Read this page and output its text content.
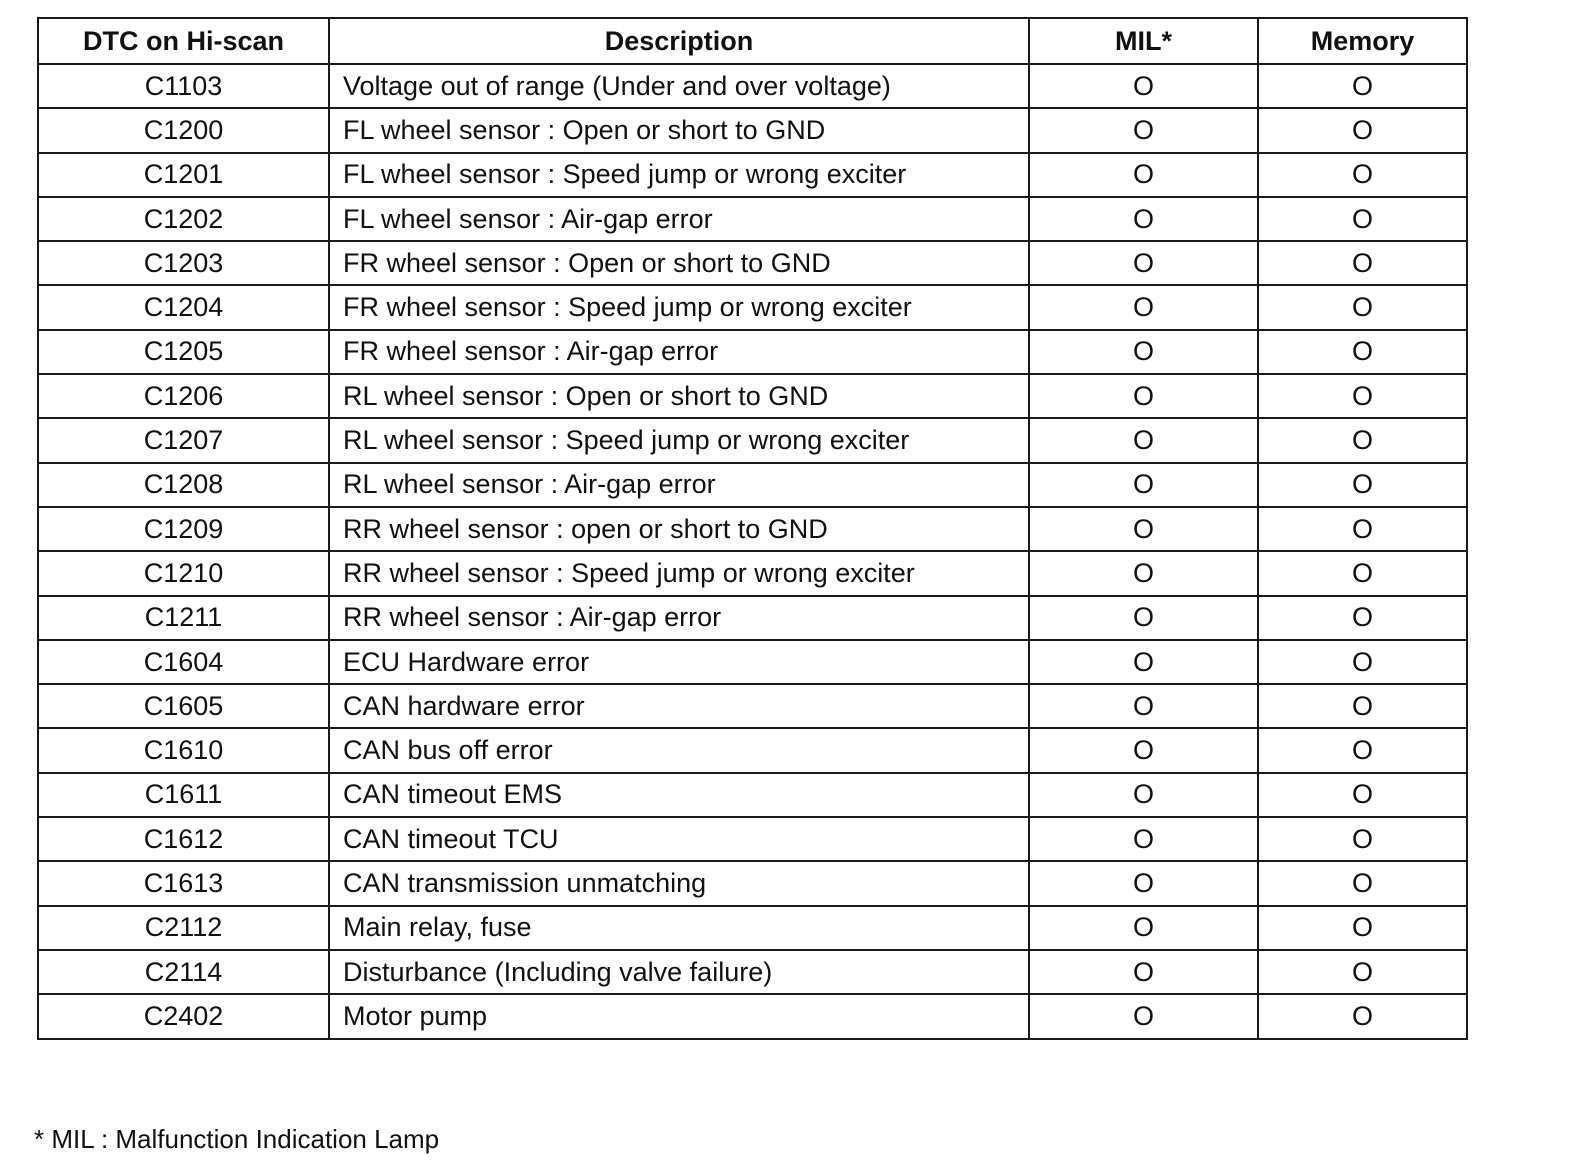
DTC on Hi-scan	Description	MIL*	Memory
C1103	Voltage out of range (Under and over voltage)	O	O
C1200	FL wheel sensor : Open or short to GND	O	O
C1201	FL wheel sensor : Speed jump or wrong exciter	O	O
C1202	FL wheel sensor : Air-gap error	O	O
C1203	FR wheel sensor : Open or short to GND	O	O
C1204	FR wheel sensor : Speed jump or wrong exciter	O	O
C1205	FR wheel sensor : Air-gap error	O	O
C1206	RL wheel sensor : Open or short to GND	O	O
C1207	RL wheel sensor : Speed jump or wrong exciter	O	O
C1208	RL wheel sensor : Air-gap error	O	O
C1209	RR wheel sensor : open or short to GND	O	O
C1210	RR wheel sensor : Speed jump or wrong exciter	O	O
C1211	RR wheel sensor : Air-gap error	O	O
C1604	ECU Hardware error	O	O
C1605	CAN hardware error	O	O
C1610	CAN bus off error	O	O
C1611	CAN timeout EMS	O	O
C1612	CAN timeout TCU	O	O
C1613	CAN transmission unmatching	O	O
C2112	Main relay, fuse	O	O
C2114	Disturbance (Including valve failure)	O	O
C2402	Motor pump	O	O
* MIL : Malfunction Indication Lamp
